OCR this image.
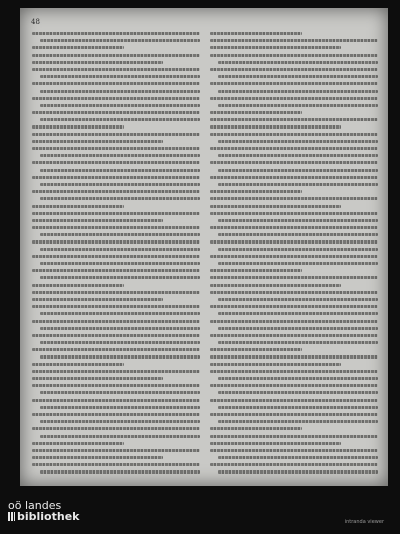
48
oö landes
bibliothek	intranda viewer
